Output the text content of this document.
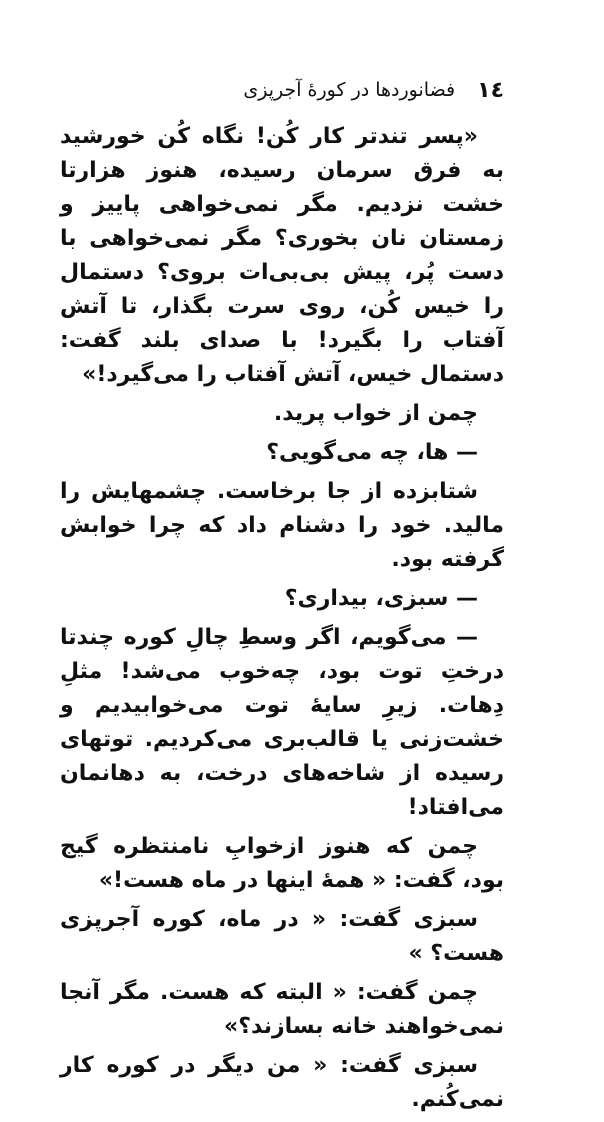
فضانوردها در کورهٔ آجرپزی ١٤

«پسر تندتر کار کُن! نگاه کُن خورشید به فرق سرمان رسیده، هنوز هزارتا خشت نزدیم. مگر نمی‌خواهی پاییز و زمستان نان بخوری؟ مگر نمی‌خواهی با دست پُر، پیش بی‌بی‌ات بروی؟ دستمال را خیس کُن، روی سرت بگذار، تا آتش آفتاب را بگیرد! با صدای بلند گفت: دستمال خیس، آتش آفتاب را می‌گیرد!»

چمن از خواب پرید.

— ها، چه می‌گویی؟

شتابزده از جا برخاست. چشمهایش را مالید. خود را دشنام داد که چرا خوابش گرفته بود.

— سبزی، بیداری؟

— می‌گویم، اگر وسطِ چالِ کوره چندتا درختِ توت بود، چه‌خوب می‌شد! مثلِ دِهات. زیرِ سایهٔ توت می‌خوابیدیم و خشت‌زنی یا قالب‌بری می‌کردیم. توتهای رسیده از شاخه‌های درخت، به دهانمان می‌افتاد!

چمن که هنوز ازخوابِ نامنتظره گیج بود، گفت: « همهٔ اینها در ماه هست!»

سبزی گفت: « در ماه، کوره آجرپزی هست؟ »

چمن گفت: « البته که هست. مگر آنجا نمی‌خواهند خانه بسازند؟»

سبزی گفت: « من دیگر در کوره کار نمی‌کُنم.
